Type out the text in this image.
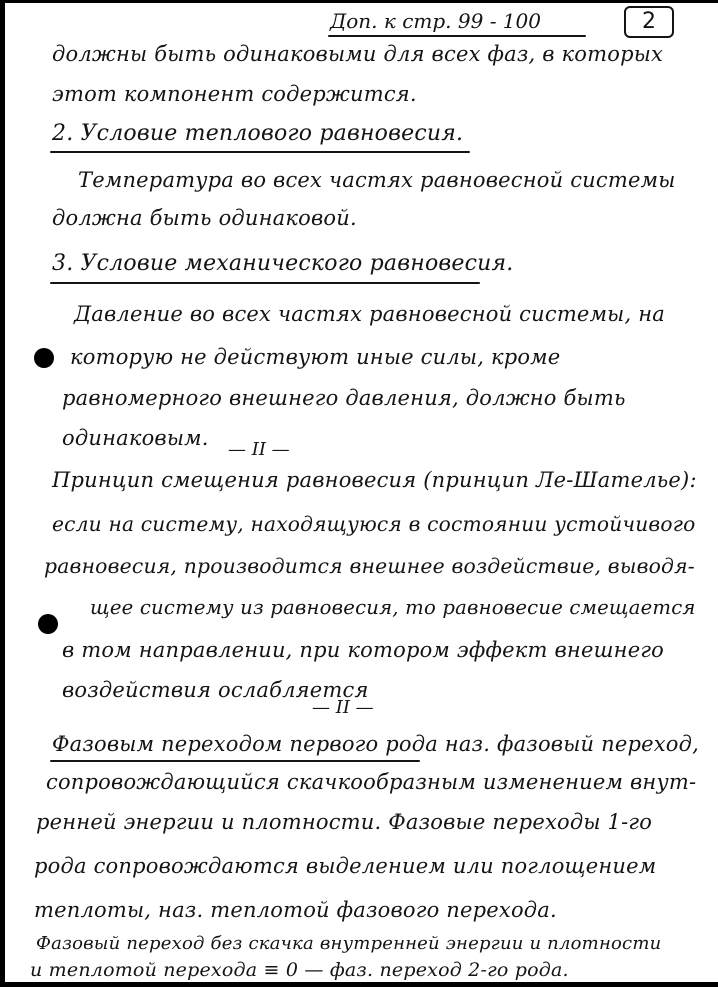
Доп. к стр. 99 - 100	2

должны быть одинаковыми для всех фаз, в которых

этот компонент содержится.

2. Условие теплового равновесия.

Температура во всех частях равновесной системы

должна быть одинаковой.

3. Условие механического равновесия.

Давление во всех частях равновесной системы, на

которую не действуют иные силы, кроме

равномерного внешнего давления, должно быть

одинаковым. — II —

Принцип смещения равновесия (принцип Ле-Шателье):

если на систему, находящуюся в состоянии устойчивого

равновесия, производится внешнее воздействие, выводя-

щее систему из равновесия, то равновесие смещается

в том направлении, при котором эффект внешнего

воздействия ослабляется

— II —

Фазовым переходом первого рода наз. фазовый переход,

сопровождающийся скачкообразным изменением внут-

ренней энергии и плотности. Фазовые переходы 1-го

рода сопровождаются выделением или поглощением

теплоты, наз. теплотой фазового перехода.

Фазовый переход без скачка внутренней энергии и плотности

и теплотой перехода ≡ 0 — фаз. переход 2-го рода.
